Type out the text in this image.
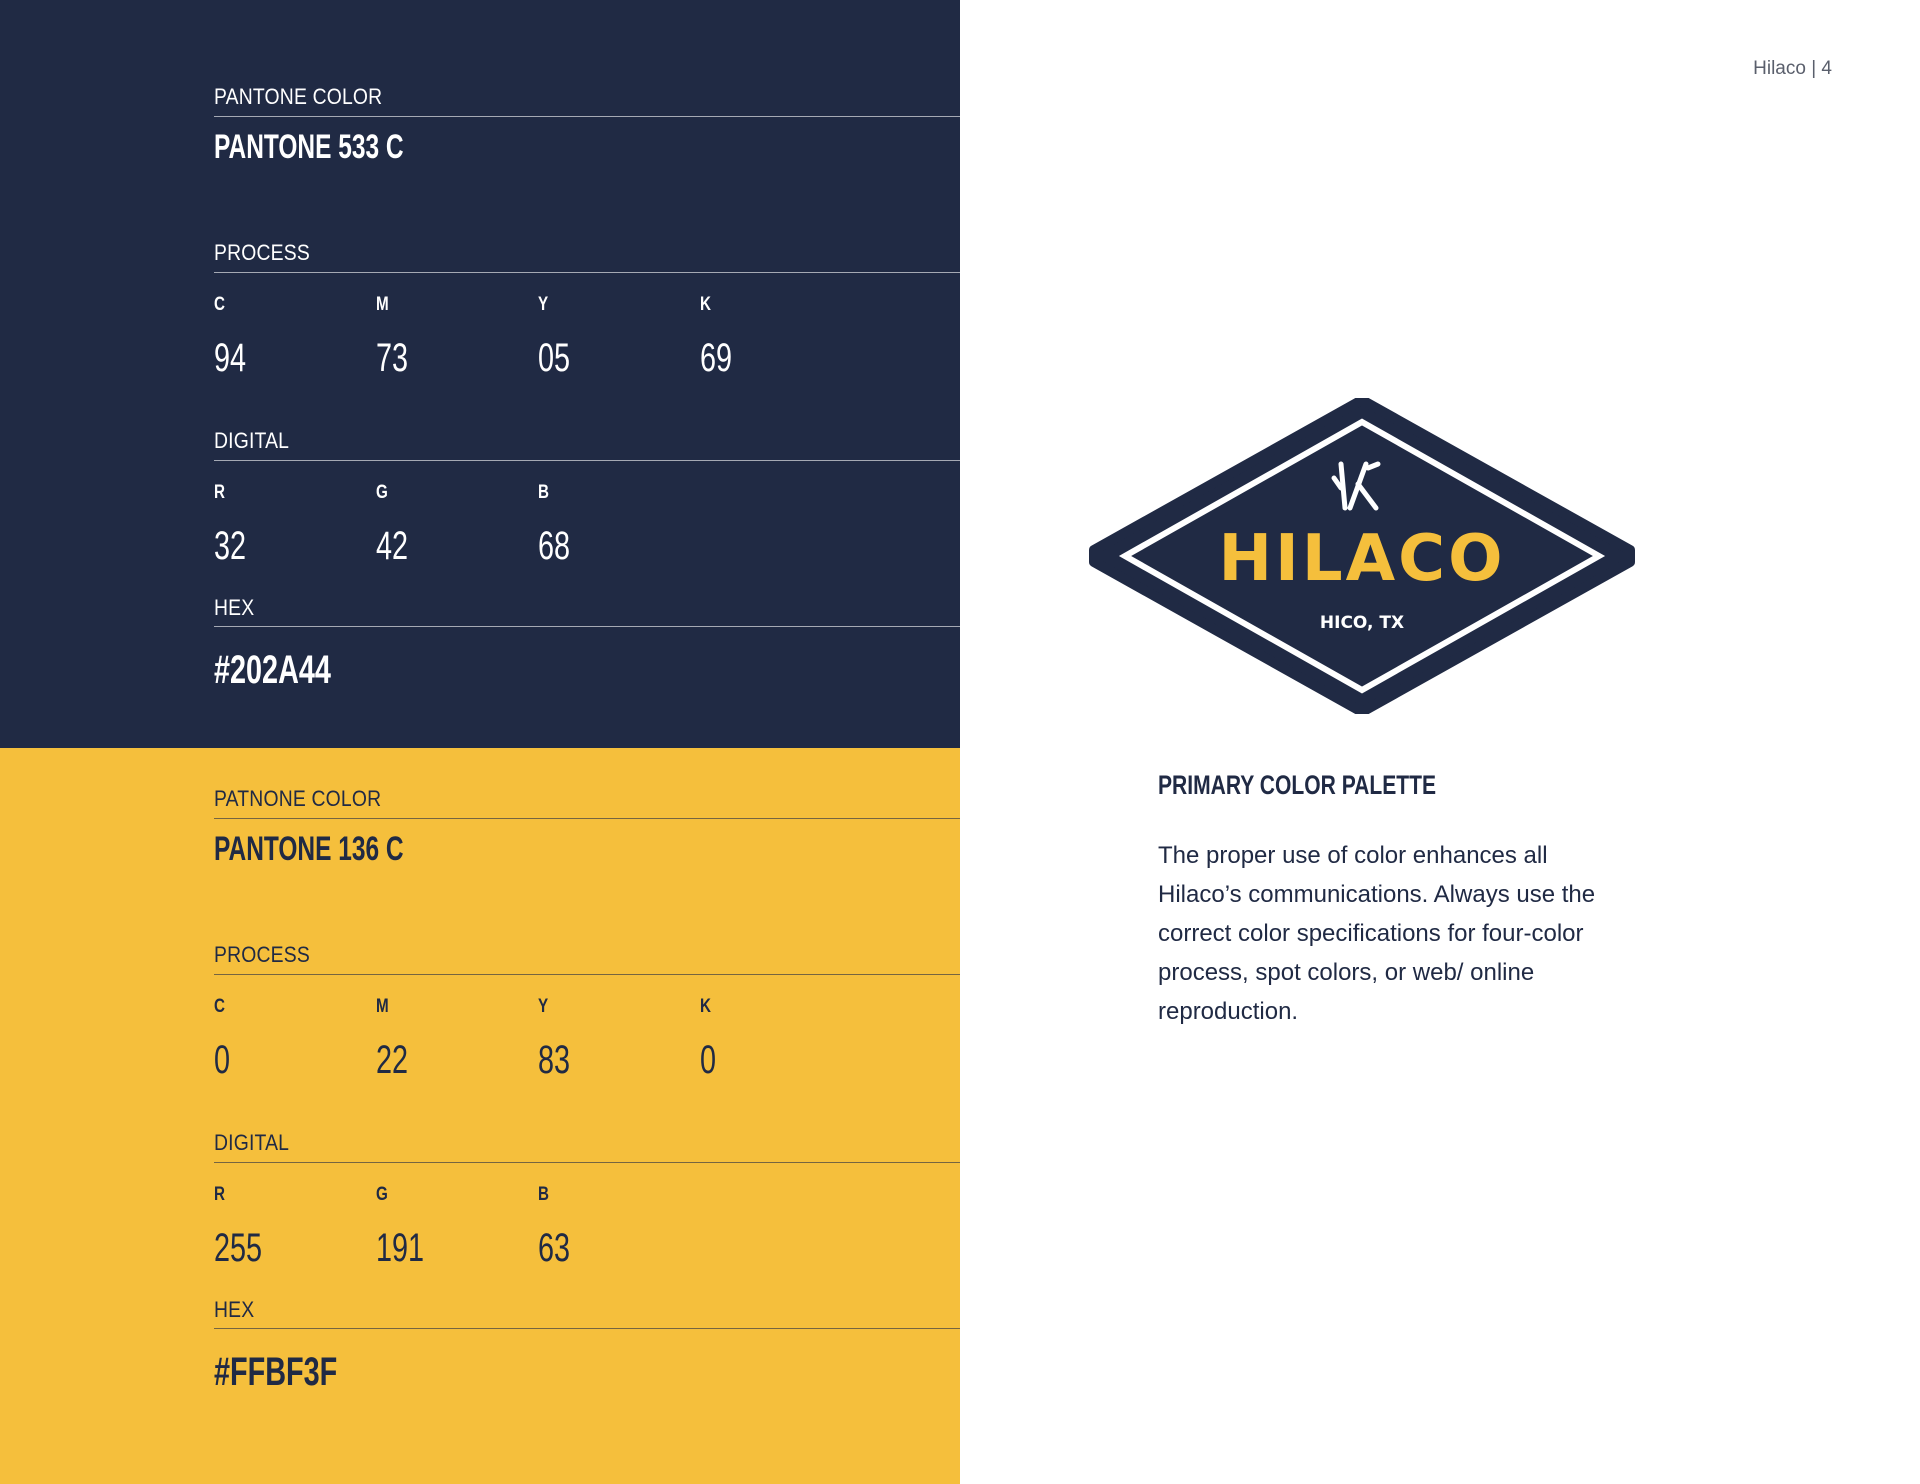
PANTONE COLOR
PANTONE 533 C
PROCESS
C	M	Y	K
94	73	05	69
DIGITAL
R	G	B
32	42	68
HEX
#202A44
PATNONE COLOR
PANTONE 136 C
PROCESS
C	M	Y	K
0	22	83	0
DIGITAL
R	G	B
255	191	63
HEX
#FFBF3F
Hilaco | 4
HILACO
HICO, TX
PRIMARY COLOR PALETTE
The proper use of color enhances all Hilaco’s communications. Always use the correct color specifications for four-color process, spot colors, or web/ online reproduction.
